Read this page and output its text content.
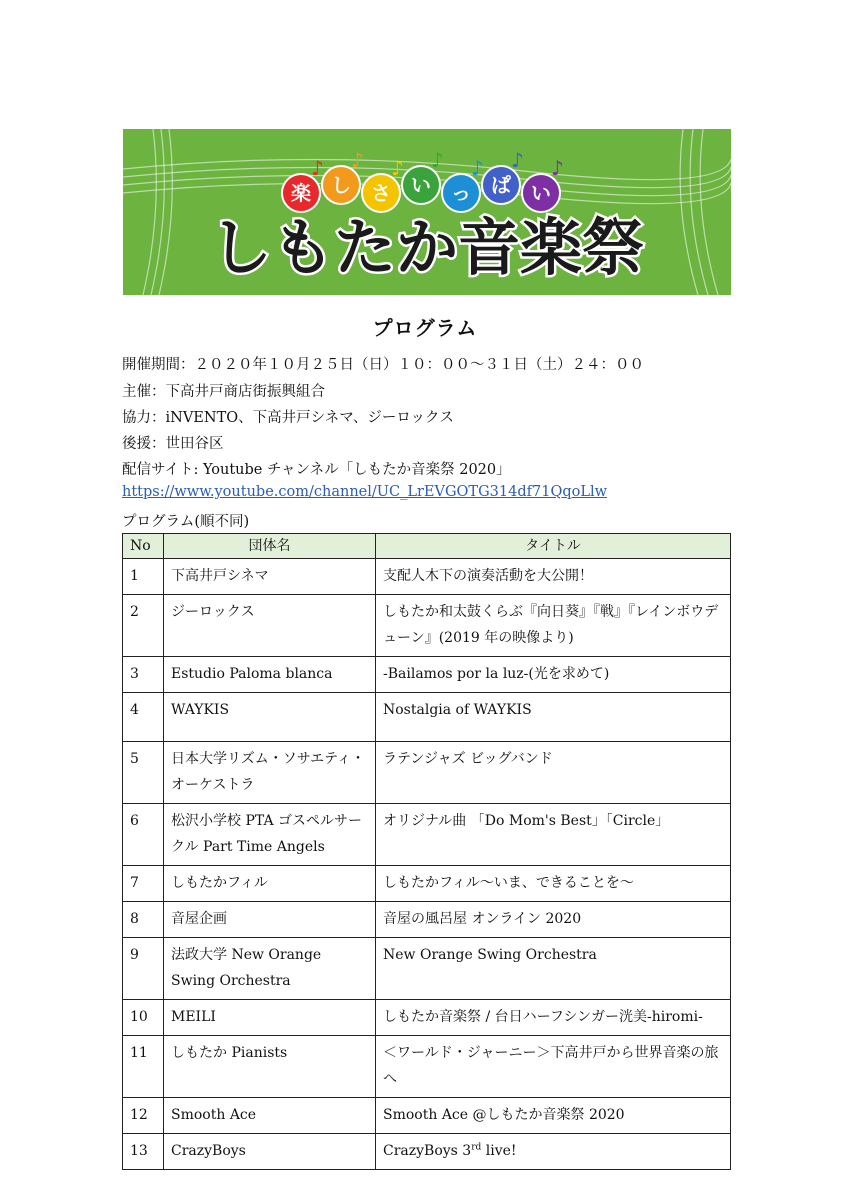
♪
楽
♪
し
♪
さ
♪
い
♪
っ
♪
ぱ
♪
い
しもたか音楽祭
プログラム
開催期間：２０２０年１０月２５日（日）１０：００～３１日（土）２４：００
主催：下高井戸商店街振興組合
協力：iNVENTO、下高井戸シネマ、ジーロックス
後援：世田谷区
配信サイト: Youtube チャンネル「しもたか音楽祭 2020」
https://www.youtube.com/channel/UC_LrEVGOTG314df71QqoLlw
プログラム(順不同)
No	団体名	タイトル
1	下高井戸シネマ	支配人木下の演奏活動を大公開！
2	ジーロックス	しもたか和太鼓くらぶ『向日葵』『戦』『レインボウデューン』(2019 年の映像より)
3	Estudio Paloma blanca	-Bailamos por la luz-(光を求めて)
4	WAYKIS	Nostalgia of WAYKIS
5	日本大学リズム・ソサエティ・オーケストラ	ラテンジャズ ビッグバンド
6	松沢小学校 PTA ゴスペルサークル Part Time Angels	オリジナル曲 「Do Mom's Best」「Circle」
7	しもたかフィル	しもたかフィル～いま、できることを～
8	音屋企画	音屋の風呂屋 オンライン 2020
9	法政大学 New Orange Swing Orchestra	New Orange Swing Orchestra
10	MEILI	しもたか音楽祭 / 台日ハーフシンガー洸美-hiromi-
11	しもたか Pianists	＜ワールド・ジャーニー＞下高井戸から世界音楽の旅へ
12	Smooth Ace	Smooth Ace @しもたか音楽祭 2020
13	CrazyBoys	CrazyBoys 3rd live!
